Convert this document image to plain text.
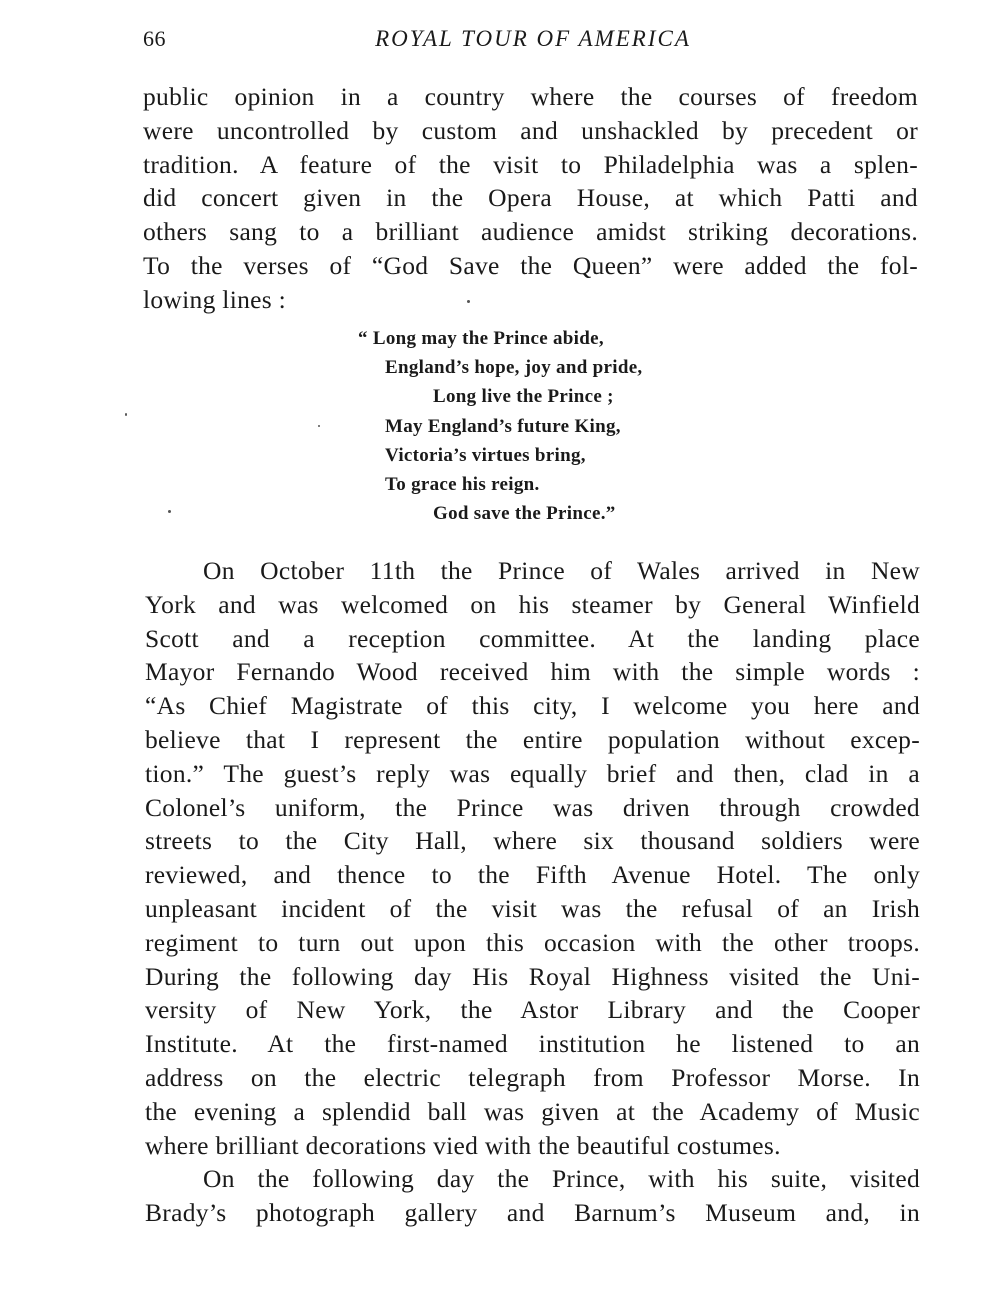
66	ROYAL TOUR OF AMERICA
public opinion in a country where the courses of freedom
were uncontrolled by custom and unshackled by precedent or
tradition. A feature of the visit to Philadelphia was a splen-
did concert given in the Opera House, at which Patti and
others sang to a brilliant audience amidst striking decorations.
To the verses of “God Save the Queen” were added the fol-
lowing lines :
“ Long may the Prince abide,
England’s hope, joy and pride,
Long live the Prince ;
May England’s future King,
Victoria’s virtues bring,
To grace his reign.
God save the Prince.”
On October 11th the Prince of Wales arrived in New
York and was welcomed on his steamer by General Winfield
Scott and a reception committee. At the landing place
Mayor Fernando Wood received him with the simple words :
“As Chief Magistrate of this city, I welcome you here and
believe that I represent the entire population without excep-
tion.” The guest’s reply was equally brief and then, clad in a
Colonel’s uniform, the Prince was driven through crowded
streets to the City Hall, where six thousand soldiers were
reviewed, and thence to the Fifth Avenue Hotel. The only
unpleasant incident of the visit was the refusal of an Irish
regiment to turn out upon this occasion with the other troops.
During the following day His Royal Highness visited the Uni-
versity of New York, the Astor Library and the Cooper
Institute. At the first-named institution he listened to an
address on the electric telegraph from Professor Morse. In
the evening a splendid ball was given at the Academy of Music
where brilliant decorations vied with the beautiful costumes.
On the following day the Prince, with his suite, visited
Brady’s photograph gallery and Barnum’s Museum and, in
